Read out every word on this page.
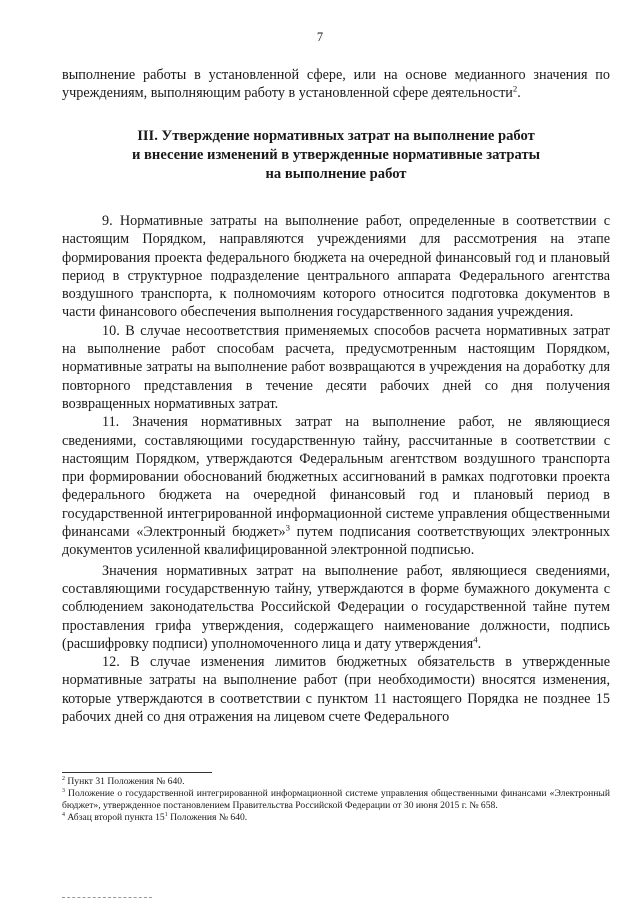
7
выполнение работы в установленной сфере, или на основе медианного значения по учреждениям, выполняющим работу в установленной сфере деятельности$^2$.
III. Утверждение нормативных затрат на выполнение работ
и внесение изменений в утвержденные нормативные затраты
на выполнение работ

9. Нормативные затраты на выполнение работ, определенные в соответствии с настоящим Порядком, направляются учреждениями для рассмотрения на этапе формирования проекта федерального бюджета на очередной финансовый год и плановый период в структурное подразделение центрального аппарата Федерального агентства воздушного транспорта, к полномочиям которого относится подготовка документов в части финансового обеспечения выполнения государственного задания учреждения.

10. В случае несоответствия применяемых способов расчета нормативных затрат на выполнение работ способам расчета, предусмотренным настоящим Порядком, нормативные затраты на выполнение работ возвращаются в учреждения на доработку для повторного представления в течение десяти рабочих дней со дня получения возвращенных нормативных затрат.

11. Значения нормативных затрат на выполнение работ, не являющиеся сведениями, составляющими государственную тайну, рассчитанные в соответствии с настоящим Порядком, утверждаются Федеральным агентством воздушного транспорта при формировании обоснований бюджетных ассигнований в рамках подготовки проекта федерального бюджета на очередной финансовый год и плановый период в государственной интегрированной информационной системе управления общественными финансами «Электронный бюджет»$^3$ путем подписания соответствующих электронных документов усиленной квалифицированной электронной подписью.

Значения нормативных затрат на выполнение работ, являющиеся сведениями, составляющими государственную тайну, утверждаются в форме бумажного документа с соблюдением законодательства Российской Федерации о государственной тайне путем проставления грифа утверждения, содержащего наименование должности, подпись (расшифровку подписи) уполномоченного лица и дату утверждения$^4$.

12. В случае изменения лимитов бюджетных обязательств в утвержденные нормативные затраты на выполнение работ (при необходимости) вносятся изменения, которые утверждаются в соответствии с пунктом 11 настоящего Порядка не позднее 15 рабочих дней со дня отражения на лицевом счете Федерального

$^2$ Пункт 31 Положения № 640.

$^3$ Положение о государственной интегрированной информационной системе управления общественными финансами «Электронный бюджет», утвержденное постановлением Правительства Российской Федерации от 30 июня 2015 г. № 658.

$^4$ Абзац второй пункта $15^1$ Положения № 640.
